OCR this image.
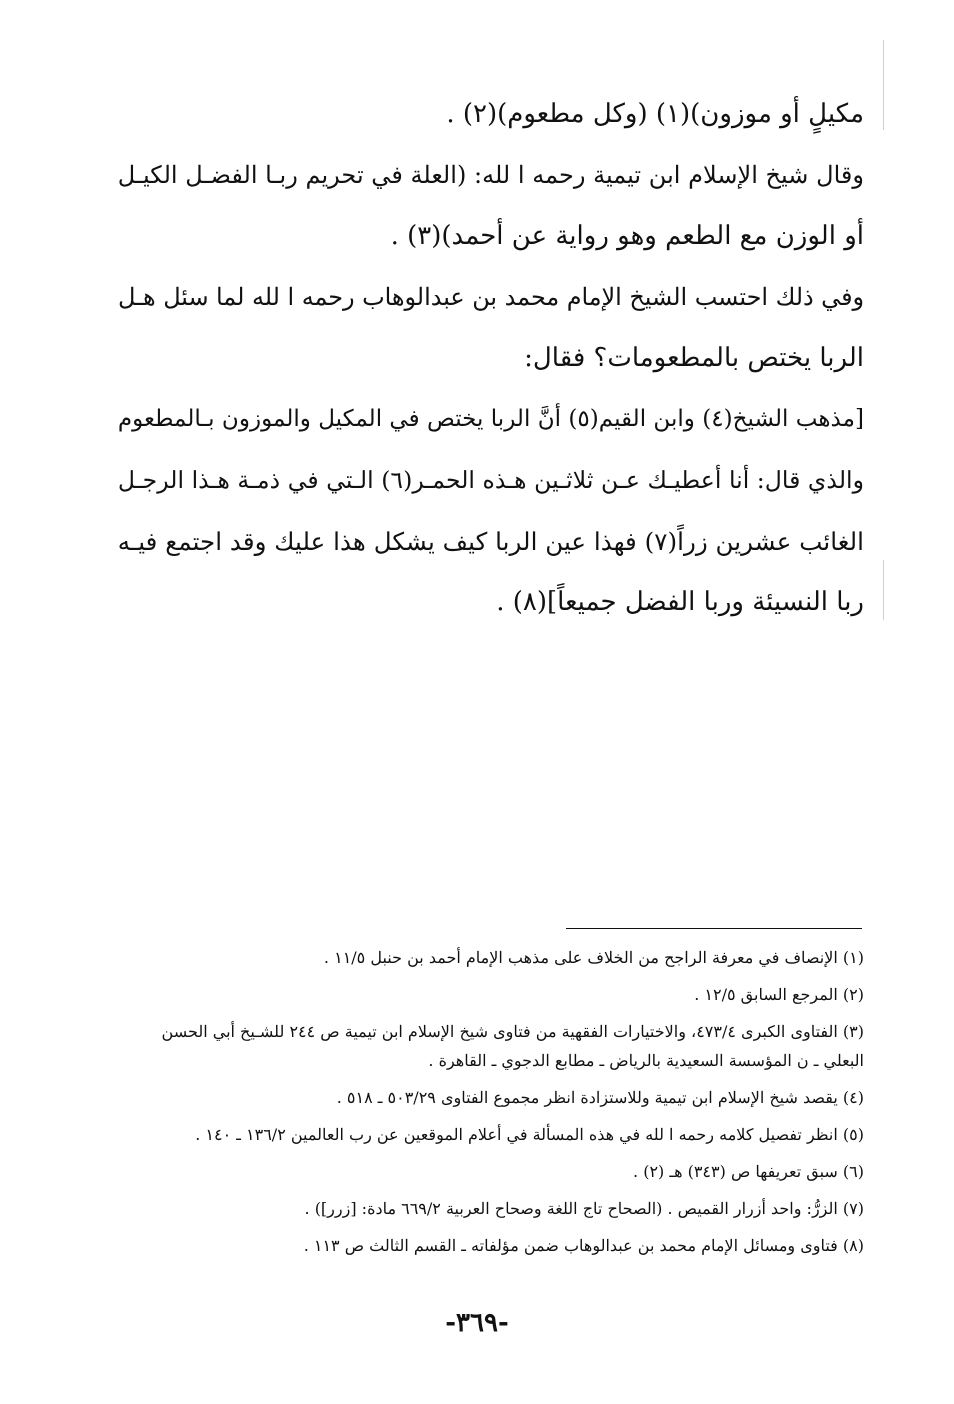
مكيلٍ أو موزون)(١) (وكل مطعوم)(٢) .

وقال شيخ الإسلام ابن تيمية رحمه ا لله: (العلة في تحريم ربـا الفضـل الكيـل
أو الوزن مع الطعم وهو رواية عن أحمد)(٣) .

وفي ذلك احتسب الشيخ الإمام محمد بن عبدالوهاب رحمه ا لله لما سئل هـل
الربا يختص بالمطعومات؟ فقال:

[مذهب الشيخ(٤) وابن القيم(٥) أنَّ الربا يختص في المكيل والموزون بـالمطعوم
والذي قال: أنا أعطيـك عـن ثلاثـين هـذه الحمـر(٦) الـتي في ذمـة هـذا الرجـل
الغائب عشرين زراً(٧) فهذا عين الربا كيف يشكل هذا عليك وقد اجتمع فيـه
ربا النسيئة وربا الفضل جميعاً](٨) .

(١) الإنصاف في معرفة الراجح من الخلاف على مذهب الإمام أحمد بن حنبل ١١/٥ .
(٢) المرجع السابق ١٢/٥ .
(٣) الفتاوى الكبرى ٤٧٣/٤، والاختيارات الفقهية من فتاوى شيخ الإسلام ابن تيمية ص ٢٤٤ للشـيخ أبي الحسن
البعلي ـ ن المؤسسة السعيدية بالرياض ـ مطابع الدجوي ـ القاهرة .
(٤) يقصد شيخ الإسلام ابن تيمية وللاستزادة انظر مجموع الفتاوى ٥٠٣/٢٩ ـ ٥١٨ .
(٥) انظر تفصيل كلامه رحمه ا لله في هذه المسألة في أعلام الموقعين عن رب العالمين ١٣٦/٢ ـ ١٤٠ .
(٦) سبق تعريفها ص (٣٤٣) هـ (٢) .
(٧) الزرُّ: واحد أزرار القميص . (الصحاح تاج اللغة وصحاح العربية ٦٦٩/٢ مادة: [زرر]) .
(٨) فتاوى ومسائل الإمام محمد بن عبدالوهاب ضمن مؤلفاته ـ القسم الثالث ص ١١٣ .
-٣٦٩-
